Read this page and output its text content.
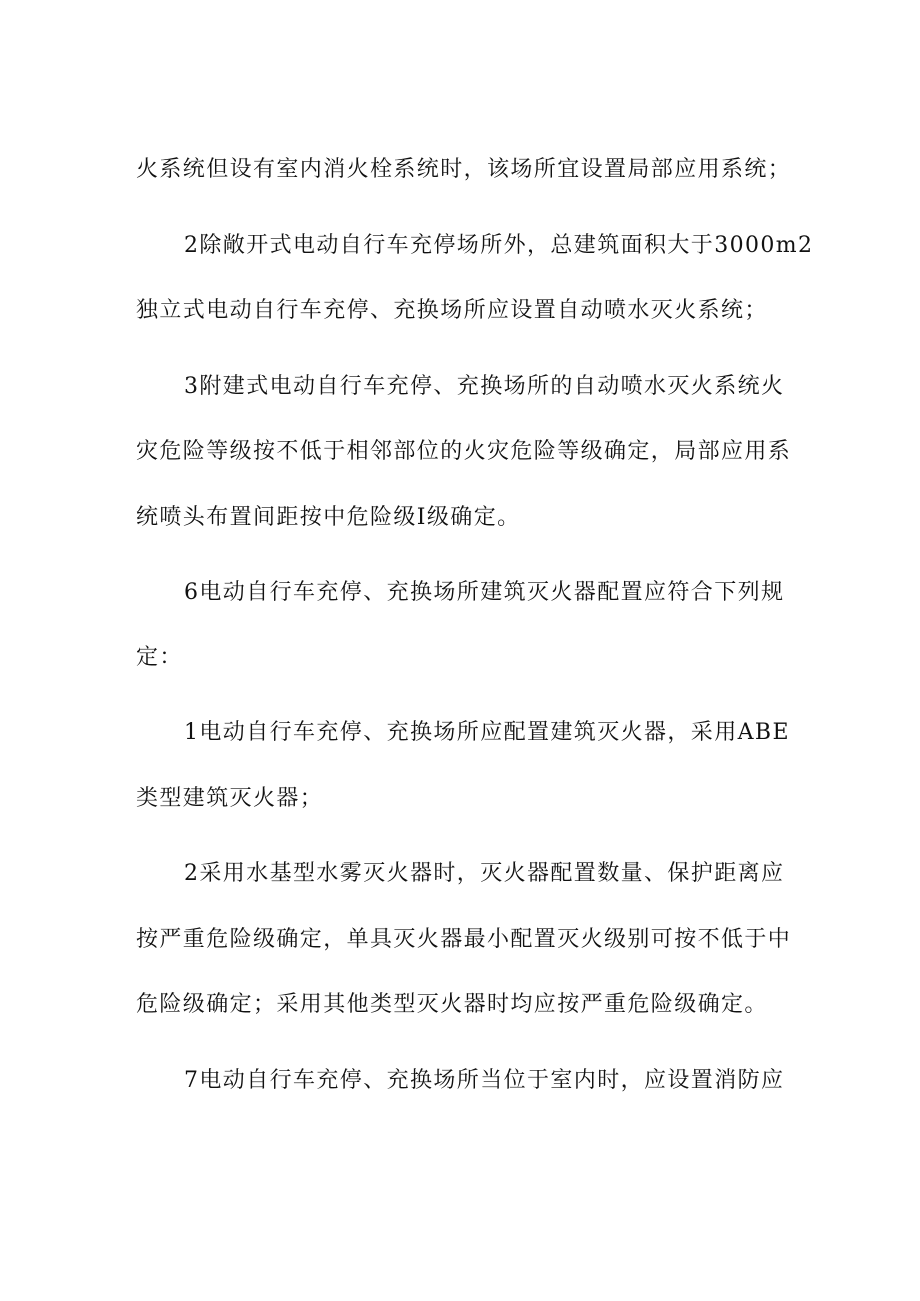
火系统但设有室内消火栓系统时，该场所宜设置局部应用系统；
2除敞开式电动自行车充停场所外，总建筑面积大于3000m2
独立式电动自行车充停、充换场所应设置自动喷水灭火系统；
3附建式电动自行车充停、充换场所的自动喷水灭火系统火
灾危险等级按不低于相邻部位的火灾危险等级确定，局部应用系
统喷头布置间距按中危险级Ⅰ级确定。
6电动自行车充停、充换场所建筑灭火器配置应符合下列规
定：
1电动自行车充停、充换场所应配置建筑灭火器，采用ABE
类型建筑灭火器；
2采用水基型水雾灭火器时，灭火器配置数量、保护距离应
按严重危险级确定，单具灭火器最小配置灭火级别可按不低于中
危险级确定；采用其他类型灭火器时均应按严重危险级确定。
7电动自行车充停、充换场所当位于室内时，应设置消防应
